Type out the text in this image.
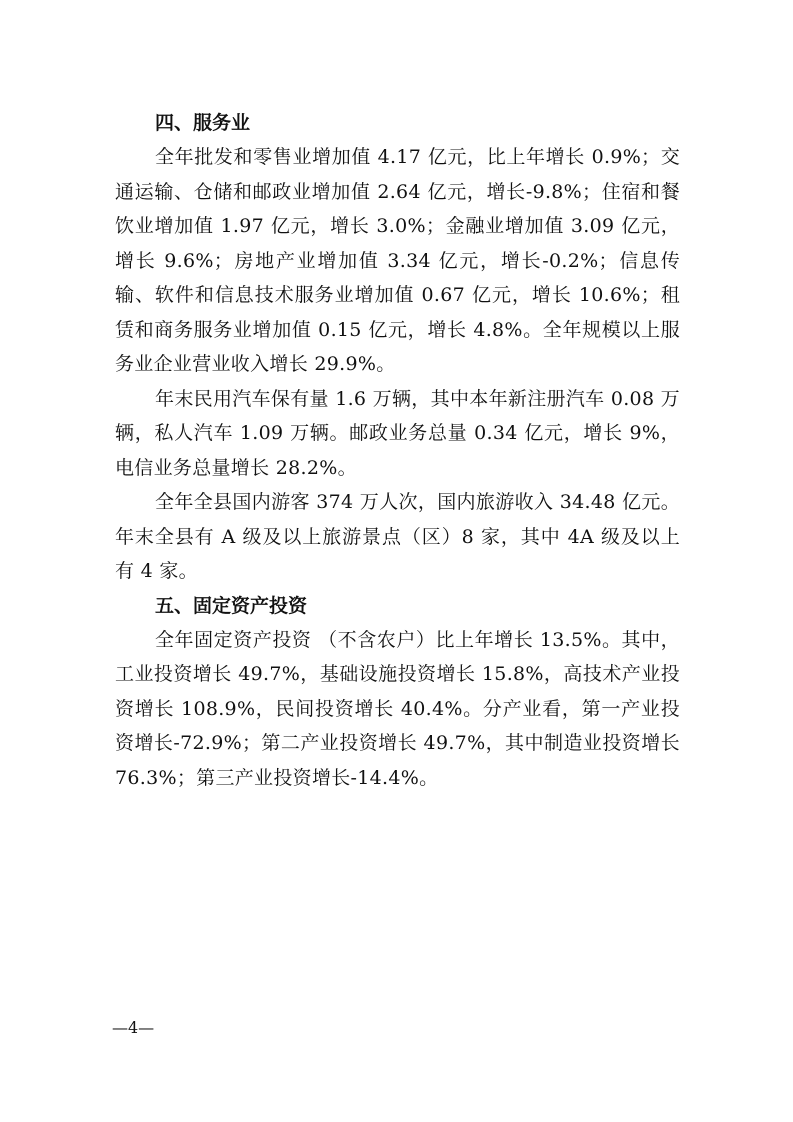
四、服务业

全年批发和零售业增加值 4.17 亿元，比上年增长 0.9%；交通运输、仓储和邮政业增加值 2.64 亿元，增长-9.8%；住宿和餐饮业增加值 1.97 亿元，增长 3.0%；金融业增加值 3.09 亿元，增长 9.6%；房地产业增加值 3.34 亿元，增长-0.2%；信息传输、软件和信息技术服务业增加值 0.67 亿元，增长 10.6%；租赁和商务服务业增加值 0.15 亿元，增长 4.8%。全年规模以上服务业企业营业收入增长 29.9%。

年末民用汽车保有量 1.6 万辆，其中本年新注册汽车 0.08 万辆，私人汽车 1.09 万辆。邮政业务总量 0.34 亿元，增长 9%，电信业务总量增长 28.2%。

全年全县国内游客 374 万人次，国内旅游收入 34.48 亿元。年末全县有 A 级及以上旅游景点（区）8 家，其中 4A 级及以上有 4 家。

五、固定资产投资

全年固定资产投资 （不含农户）比上年增长 13.5%。其中，工业投资增长 49.7%，基础设施投资增长 15.8%，高技术产业投资增长 108.9%，民间投资增长 40.4%。分产业看，第一产业投资增长-72.9%；第二产业投资增长 49.7%，其中制造业投资增长 76.3%；第三产业投资增长-14.4%。

—4—
